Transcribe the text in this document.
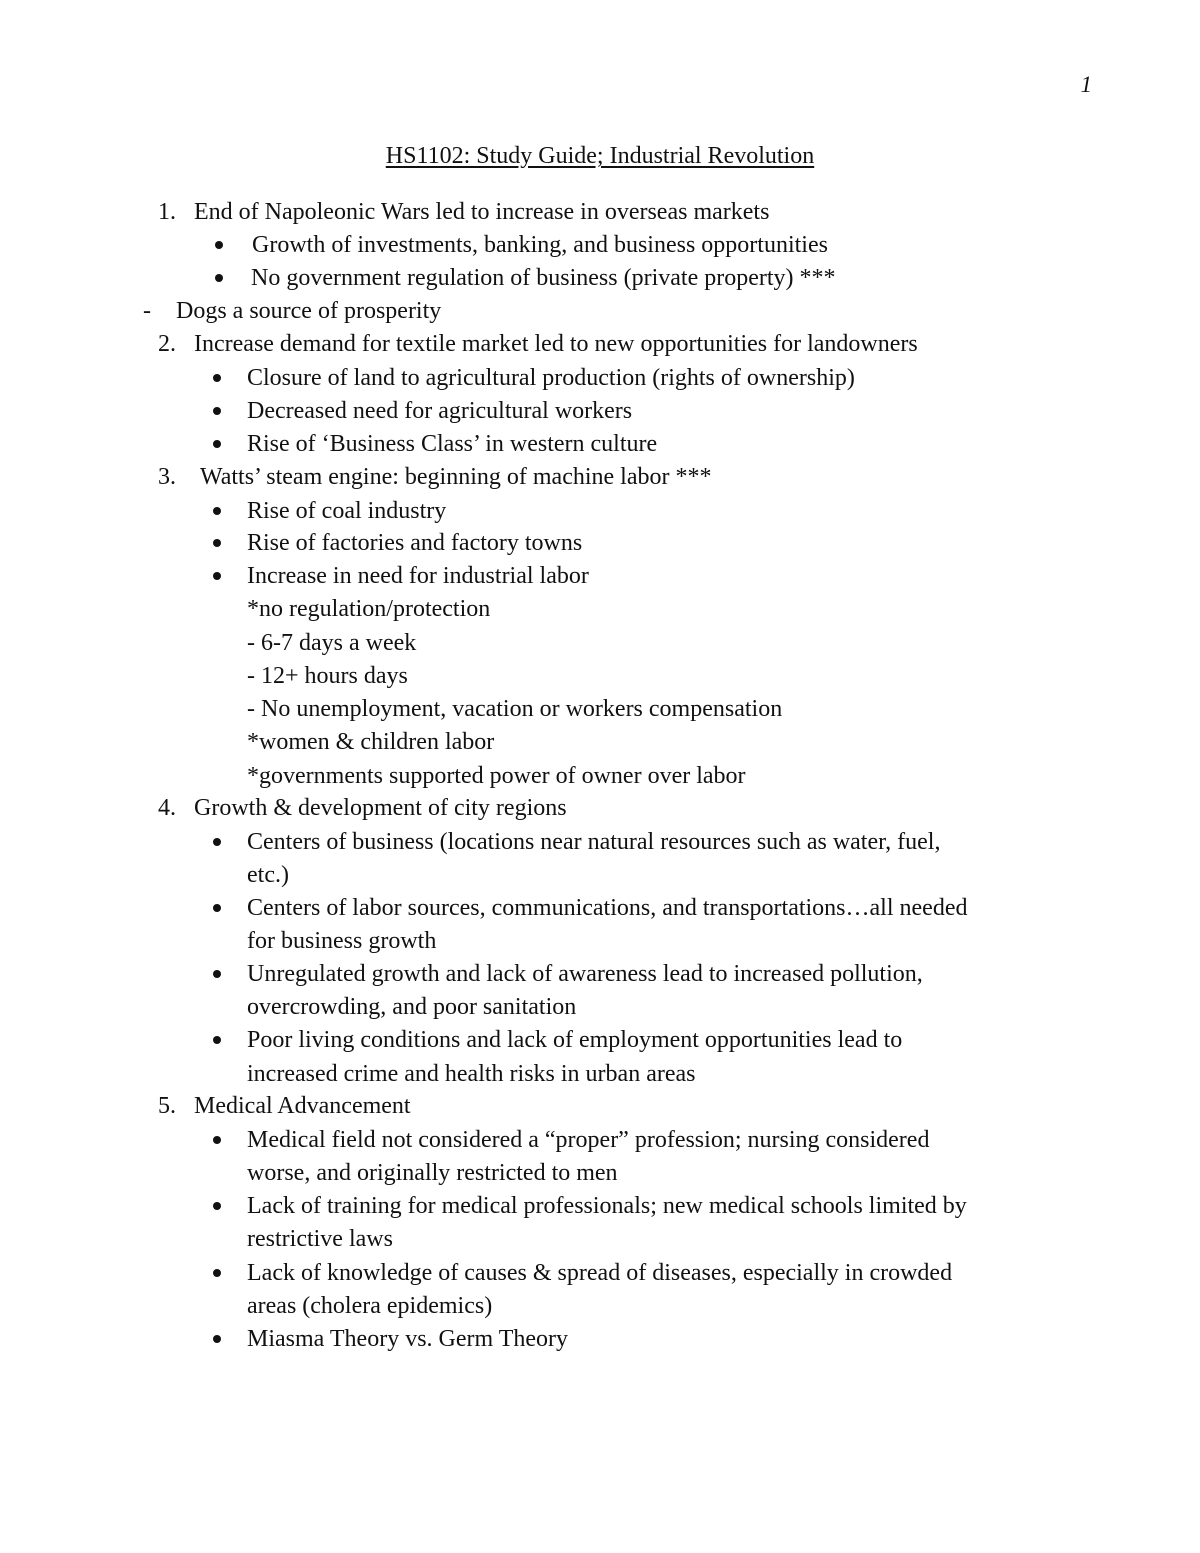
1
HS1102: Study Guide; Industrial Revolution
1. End of Napoleonic Wars led to increase in overseas markets
Growth of investments, banking, and business opportunities
No government regulation of business (private property) ***
- Dogs a source of prosperity
2. Increase demand for textile market led to new opportunities for landowners
Closure of land to agricultural production (rights of ownership)
Decreased need for agricultural workers
Rise of ‘Business Class’ in western culture
3. Watts’ steam engine: beginning of machine labor ***
Rise of coal industry
Rise of factories and factory towns
Increase in need for industrial labor
*no regulation/protection
- 6-7 days a week
- 12+ hours days
- No unemployment, vacation or workers compensation
*women & children labor
*governments supported power of owner over labor
4. Growth & development of city regions
Centers of business (locations near natural resources such as water, fuel,
etc.)
Centers of labor sources, communications, and transportations…all needed
for business growth
Unregulated growth and lack of awareness lead to increased pollution,
overcrowding, and poor sanitation
Poor living conditions and lack of employment opportunities lead to
increased crime and health risks in urban areas
5. Medical Advancement
Medical field not considered a “proper” profession; nursing considered
worse, and originally restricted to men
Lack of training for medical professionals; new medical schools limited by
restrictive laws
Lack of knowledge of causes & spread of diseases, especially in crowded
areas (cholera epidemics)
Miasma Theory vs. Germ Theory
